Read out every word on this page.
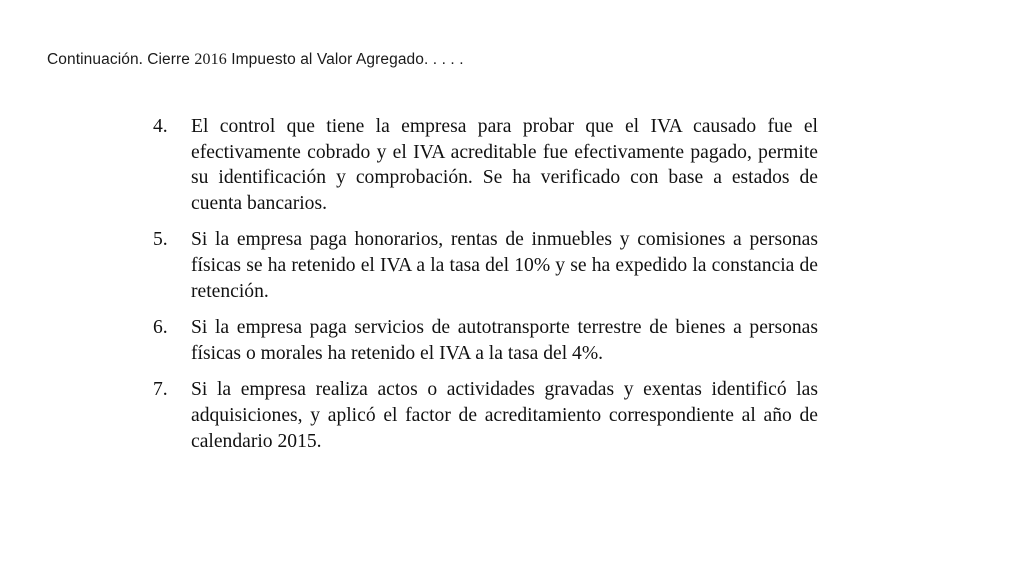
Continuación. Cierre 2016 Impuesto al Valor Agregado. . . . .
4. El control que tiene la empresa para probar que el IVA causado fue el efectivamente cobrado y el IVA acreditable fue efectivamente pagado, permite su identificación y comprobación. Se ha verificado con base a estados de cuenta bancarios.
5. Si la empresa paga honorarios, rentas de inmuebles y comisiones a personas físicas se ha retenido el IVA a la tasa del 10% y se ha expedido la constancia de retención.
6. Si la empresa paga servicios de autotransporte terrestre de bienes a personas físicas o morales ha retenido el IVA a la tasa del 4%.
7. Si la empresa realiza actos o actividades gravadas y exentas identificó las adquisiciones, y aplicó el factor de acreditamiento correspondiente al año de calendario 2015.
